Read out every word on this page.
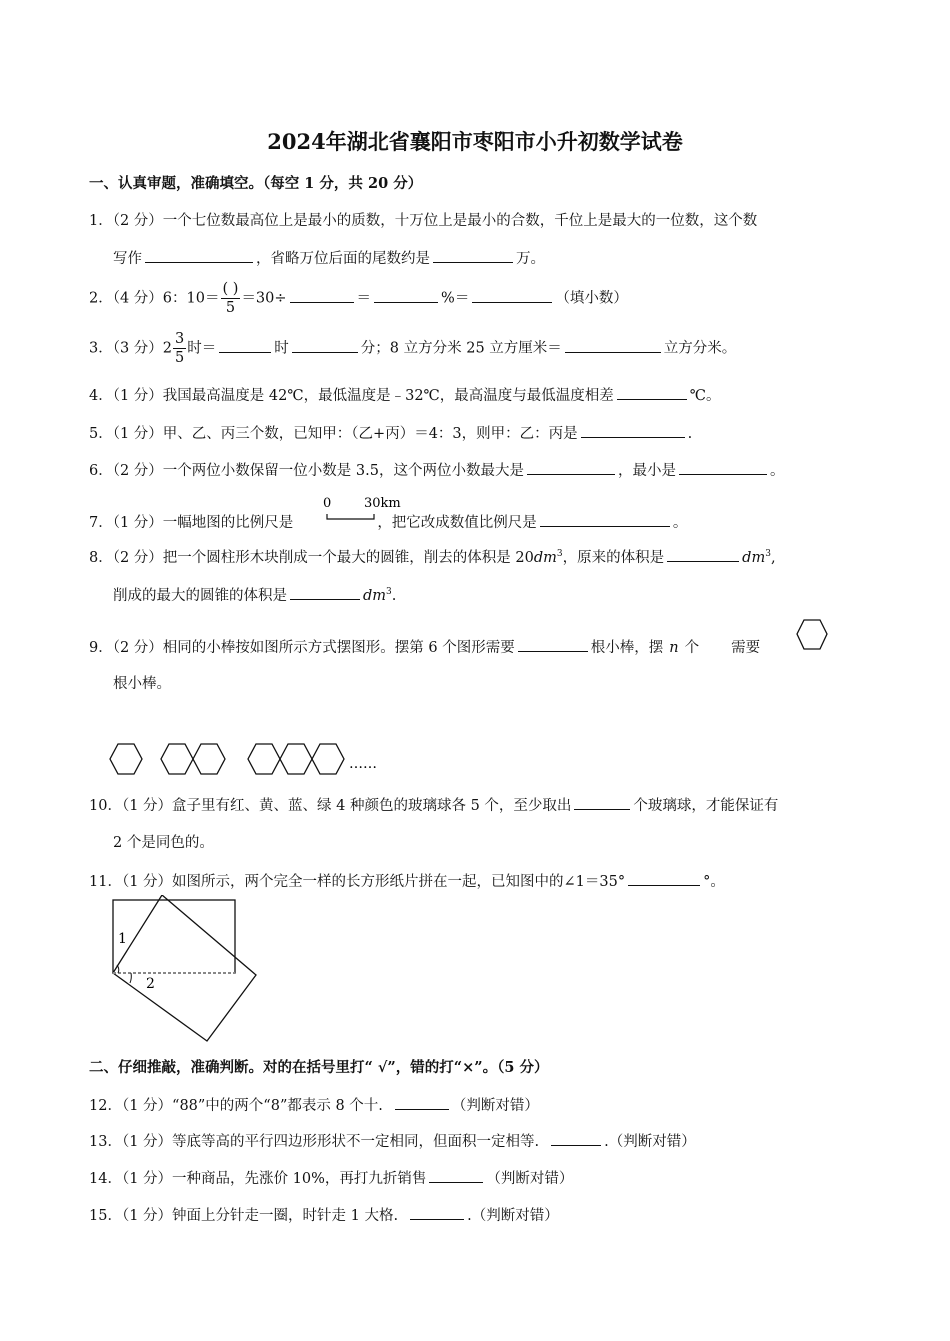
2024年湖北省襄阳市枣阳市小升初数学试卷
一、认真审题，准确填空。（每空 1 分，共 20 分）
1．（2 分）一个七位数最高位上是最小的质数，十万位上是最小的合数，千位上是最大的一位数，这个数
写作	，省略万位后面的尾数约是	万。
2．（4 分）6：$10= \frac{( )}{5} =30\div$	＝	%＝	（填小数）
3．（3 分）$2 \frac{3}{5}$ 时＝	时	分；8 立方分米 25 立方厘米＝	立方分米。
4．（1 分）我国最高温度是 42℃，最低温度是﹣32℃，最高温度与最低温度相差	℃。
5．（1 分）甲、乙、丙三个数，已知甲：（乙+丙）＝4：3，则甲：乙：丙是	.
6．（2 分）一个两位小数保留一位小数是 3.5，这个两位小数最大是	，最小是	。
7．（1 分）一幅地图的比例尺是	，把它改成数值比例尺是	。
0	30km
8．（2 分）把一个圆柱形木块削成一个最大的圆锥，削去的体积是 $20dm^3$，原来的体积是	$dm^3$,
削成的最大的圆锥的体积是	$dm^3$.
9．（2 分）相同的小棒按如图所示方式摆图形。摆第 6 个图形需要	根小棒，摆 n 个 需要
根小棒。
……
10．（1 分）盒子里有红、黄、蓝、绿 4 种颜色的玻璃球各 5 个，至少取出	个玻璃球，才能保证有
2 个是同色的。
11．（1 分）如图所示，两个完全一样的长方形纸片拼在一起，已知图中的∠1＝35°	°。
1
2
二、仔细推敲，准确判断。对的在括号里打“ √”，错的打“×”。（5 分）
12．（1 分）“88”中的两个“8”都表示 8 个十.	（判断对错）
13．（1 分）等底等高的平行四边形形状不一定相同，但面积一定相等.	.（判断对错）
14．（1 分）一种商品，先涨价 10%，再打九折销售	（判断对错）
15．（1 分）钟面上分针走一圈，时针走 1 大格.	.（判断对错）
